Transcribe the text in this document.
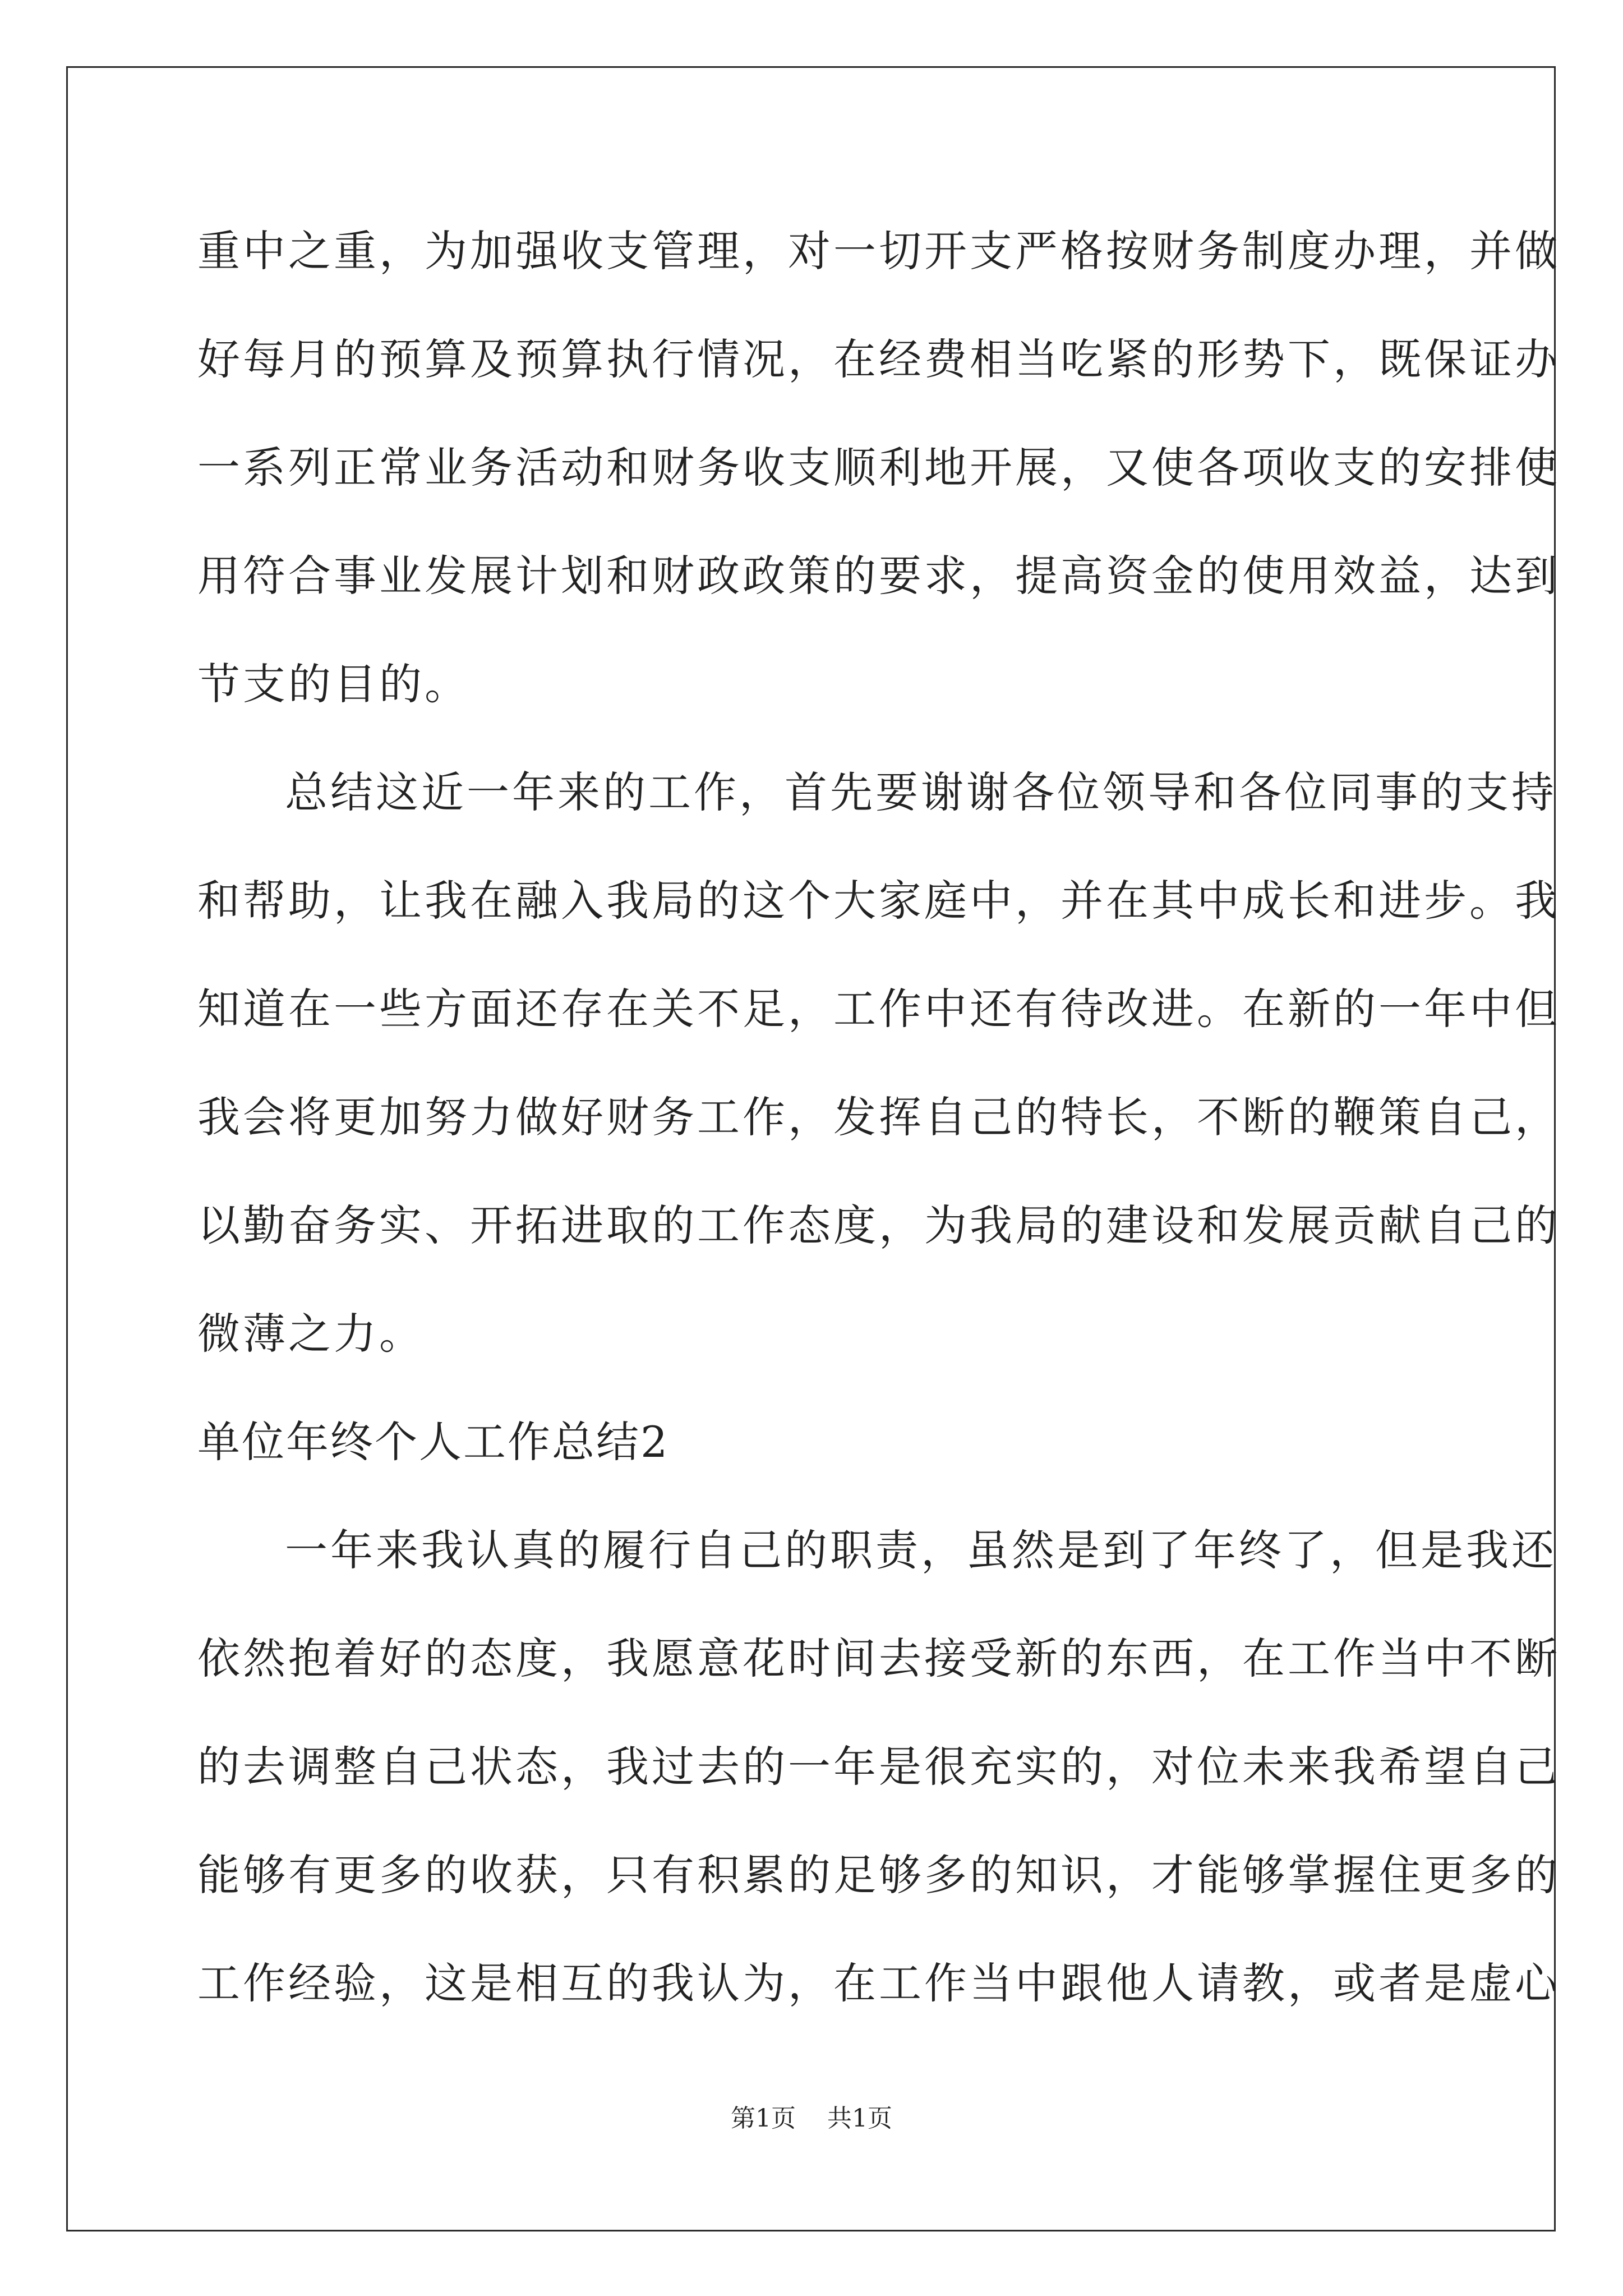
重中之重，为加强收支管理，对一切开支严格按财务制度办理，并做
好每月的预算及预算执行情况，在经费相当吃紧的形势下，既保证办
一系列正常业务活动和财务收支顺利地开展，又使各项收支的安排使
用符合事业发展计划和财政政策的要求，提高资金的使用效益，达到
节支的目的。
总结这近一年来的工作，首先要谢谢各位领导和各位同事的支持
和帮助，让我在融入我局的这个大家庭中，并在其中成长和进步。我
知道在一些方面还存在关不足，工作中还有待改进。在新的一年中但
我会将更加努力做好财务工作，发挥自己的特长，不断的鞭策自己，
以勤奋务实、开拓进取的工作态度，为我局的建设和发展贡献自己的
微薄之力。
单位年终个人工作总结2
一年来我认真的履行自己的职责，虽然是到了年终了，但是我还
依然抱着好的态度，我愿意花时间去接受新的东西，在工作当中不断
的去调整自己状态，我过去的一年是很充实的，对位未来我希望自己
能够有更多的收获，只有积累的足够多的知识，才能够掌握住更多的
工作经验，这是相互的我认为，在工作当中跟他人请教，或者是虚心
第1页 共1页
